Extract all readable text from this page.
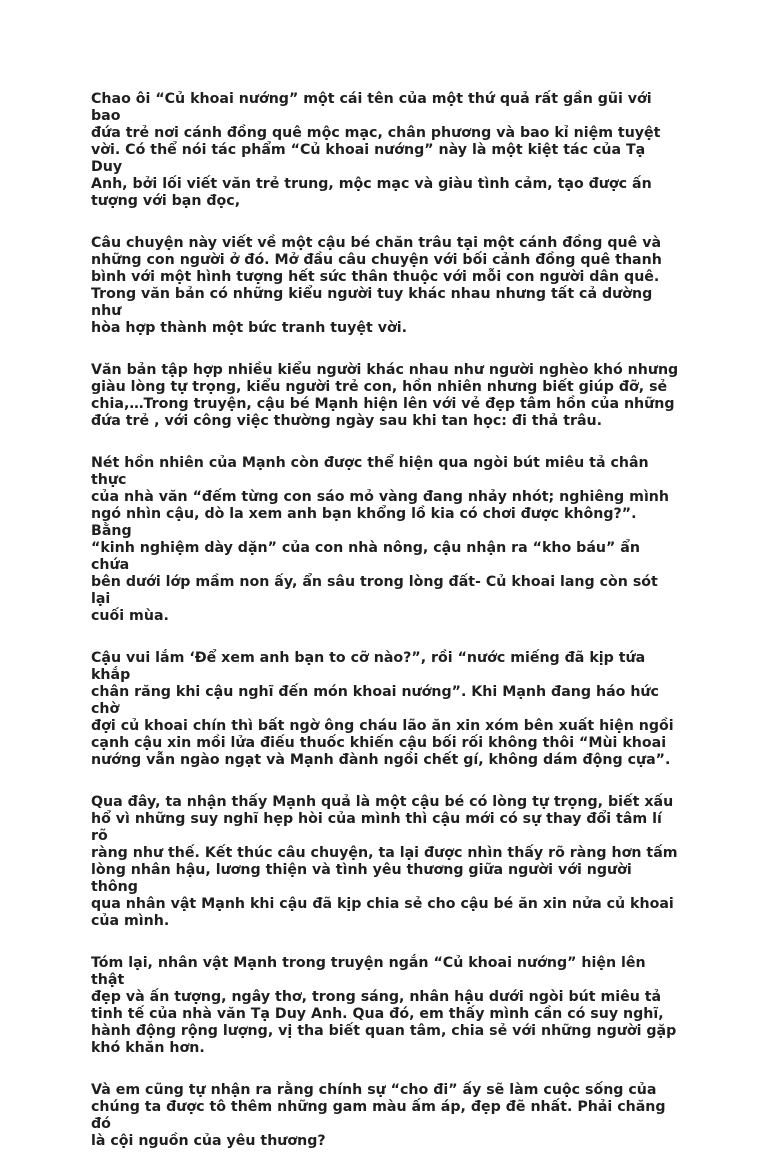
Chao ôi “Củ khoai nướng” một cái tên của một thứ quả rất gần gũi với bao
đứa trẻ nơi cánh đồng quê mộc mạc, chân phương và bao kỉ niệm tuyệt
vời. Có thể nói tác phẩm “Củ khoai nướng” này là một kiệt tác của Tạ Duy
Anh, bởi lối viết văn trẻ trung, mộc mạc và giàu tình cảm, tạo được ấn
tượng với bạn đọc,

Câu chuyện này viết về một cậu bé chăn trâu tại một cánh đồng quê và
những con người ở đó. Mở đầu câu chuyện với bối cảnh đồng quê thanh
bình với một hình tượng hết sức thân thuộc với mỗi con người dân quê.
Trong văn bản có những kiểu người tuy khác nhau nhưng tất cả dường như
hòa hợp thành một bức tranh tuyệt vời.

Văn bản tập hợp nhiều kiểu người khác nhau như người nghèo khó nhưng
giàu lòng tự trọng, kiểu người trẻ con, hồn nhiên nhưng biết giúp đỡ, sẻ
chia,…Trong truyện, cậu bé Mạnh hiện lên với vẻ đẹp tâm hồn của những
đứa trẻ , với công việc thường ngày sau khi tan học: đi thả trâu.

Nét hồn nhiên của Mạnh còn được thể hiện qua ngòi bút miêu tả chân thực
của nhà văn “đếm từng con sáo mỏ vàng đang nhảy nhót; nghiêng mình
ngó nhìn cậu, dò la xem anh bạn khổng lồ kia có chơi được không?”. Bằng
“kinh nghiệm dày dặn” của con nhà nông, cậu nhận ra “kho báu” ẩn chứa
bên dưới lớp mầm non ấy, ẩn sâu trong lòng đất- Củ khoai lang còn sót lại
cuối mùa.

Cậu vui lắm ‘Để xem anh bạn to cỡ nào?”, rồi “nước miếng đã kịp tứa khắp
chân răng khi cậu nghĩ đến món khoai nướng”. Khi Mạnh đang háo hức chờ
đợi củ khoai chín thì bất ngờ ông cháu lão ăn xin xóm bên xuất hiện ngồi
cạnh cậu xin mồi lửa điếu thuốc khiến cậu bối rối không thôi “Mùi khoai
nướng vẫn ngào ngạt và Mạnh đành ngồi chết gí, không dám động cựa”.

Qua đây, ta nhận thấy Mạnh quả là một cậu bé có lòng tự trọng, biết xấu
hổ vì những suy nghĩ hẹp hòi của mình thì cậu mới có sự thay đổi tâm lí rõ
ràng như thế. Kết thúc câu chuyện, ta lại được nhìn thấy rõ ràng hơn tấm
lòng nhân hậu, lương thiện và tình yêu thương giữa người với người thông
qua nhân vật Mạnh khi cậu đã kịp chia sẻ cho cậu bé ăn xin nửa củ khoai
của mình.

Tóm lại, nhân vật Mạnh trong truyện ngắn “Củ khoai nướng” hiện lên thật
đẹp và ấn tượng, ngây thơ, trong sáng, nhân hậu dưới ngòi bút miêu tả
tinh tế của nhà văn Tạ Duy Anh. Qua đó, em thấy mình cần có suy nghĩ,
hành động rộng lượng, vị tha biết quan tâm, chia sẻ với những người gặp
khó khăn hơn.

Và em cũng tự nhận ra rằng chính sự “cho đi” ấy sẽ làm cuộc sống của
chúng ta được tô thêm những gam màu ấm áp, đẹp đẽ nhất. Phải chăng đó
là cội nguồn của yêu thương?
